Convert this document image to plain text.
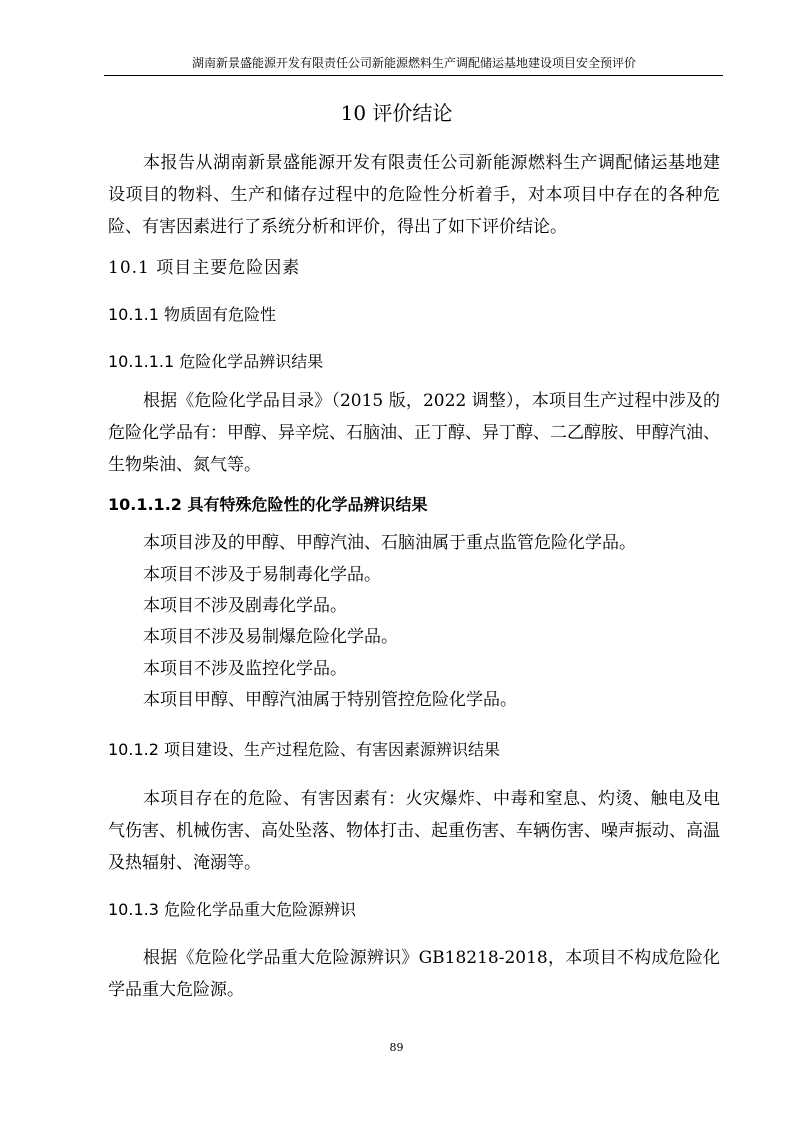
湖南新景盛能源开发有限责任公司新能源燃料生产调配储运基地建设项目安全预评价
10 评价结论

本报告从湖南新景盛能源开发有限责任公司新能源燃料生产调配储运基地建设项目的物料、生产和储存过程中的危险性分析着手，对本项目中存在的各种危险、有害因素进行了系统分析和评价，得出了如下评价结论。

10.1 项目主要危险因素
10.1.1 物质固有危险性
10.1.1.1 危险化学品辨识结果

根据《危险化学品目录》（2015 版，2022 调整），本项目生产过程中涉及的危险化学品有：甲醇、异辛烷、石脑油、正丁醇、异丁醇、二乙醇胺、甲醇汽油、生物柴油、氮气等。

10.1.1.2 具有特殊危险性的化学品辨识结果

本项目涉及的甲醇、甲醇汽油、石脑油属于重点监管危险化学品。

本项目不涉及于易制毒化学品。

本项目不涉及剧毒化学品。

本项目不涉及易制爆危险化学品。

本项目不涉及监控化学品。

本项目甲醇、甲醇汽油属于特别管控危险化学品。

10.1.2 项目建设、生产过程危险、有害因素源辨识结果

本项目存在的危险、有害因素有：火灾爆炸、中毒和窒息、灼烫、触电及电气伤害、机械伤害、高处坠落、物体打击、起重伤害、车辆伤害、噪声振动、高温及热辐射、淹溺等。

10.1.3 危险化学品重大危险源辨识

根据《危险化学品重大危险源辨识》GB18218-2018，本项目不构成危险化学品重大危险源。

89
